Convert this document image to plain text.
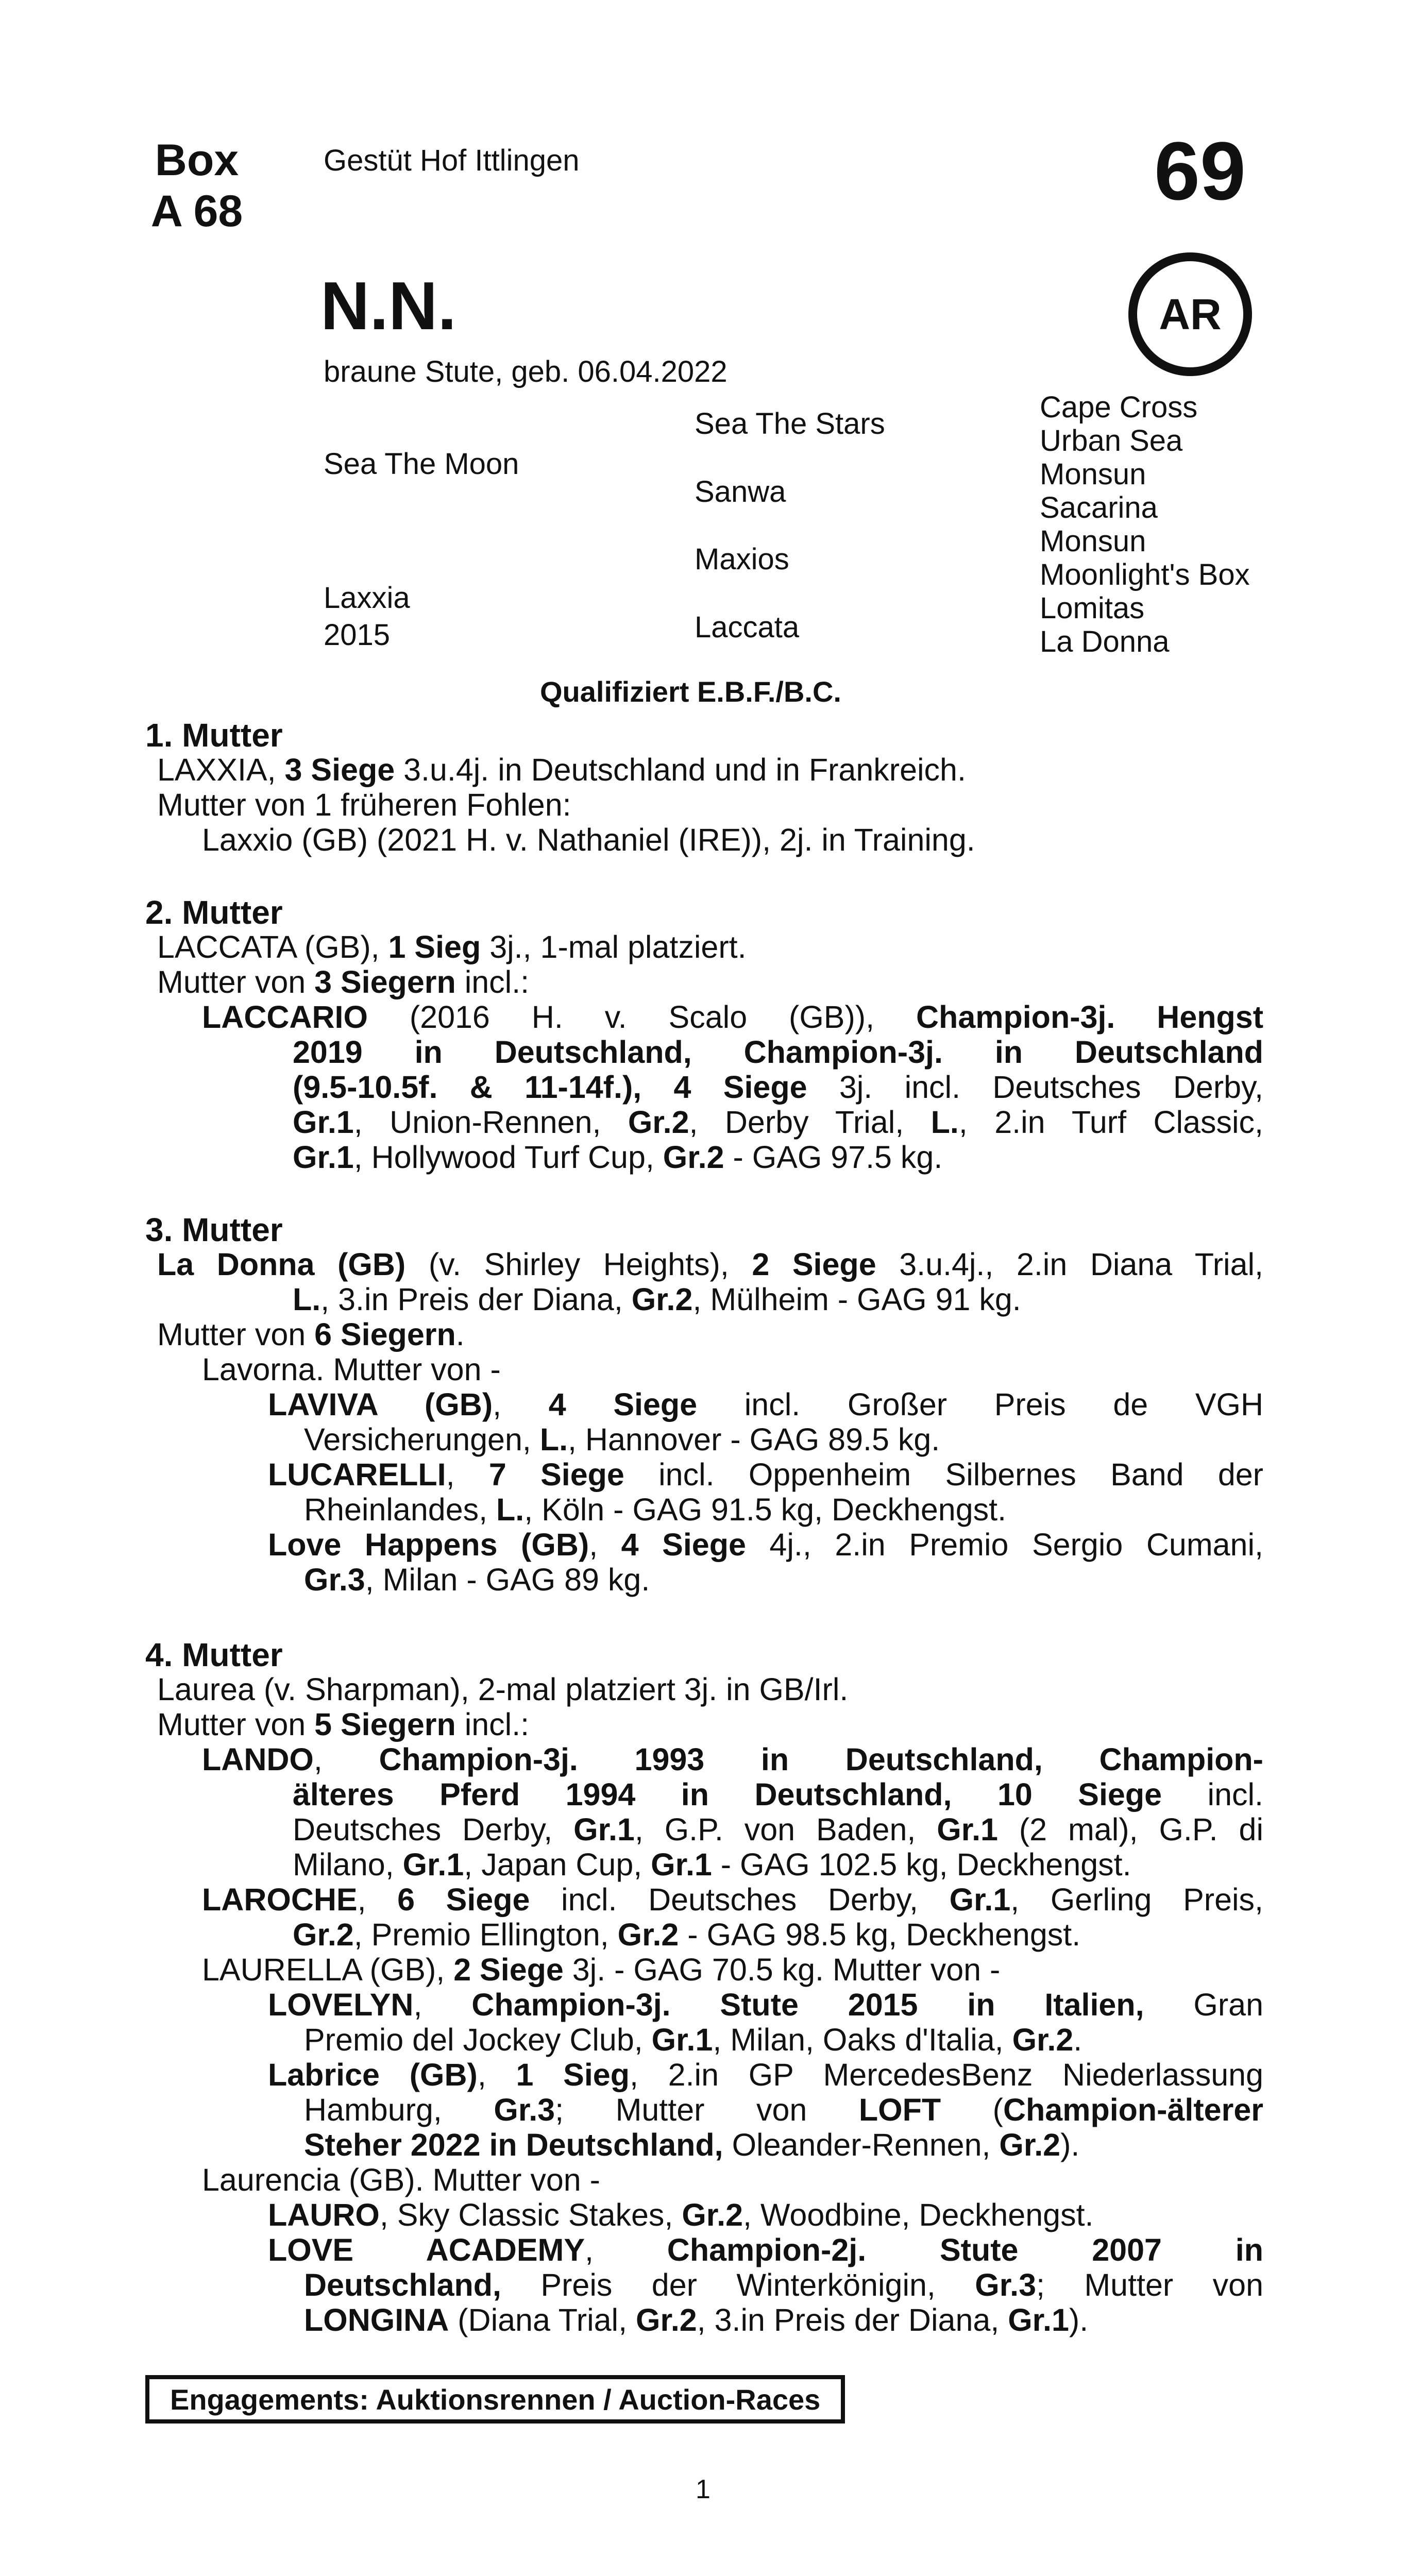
Box
A 68
Gestüt Hof Ittlingen	69
AR
N.N.
braune Stute, geb. 06.04.2022
Sea The Moon
Laxxia
2015
Sea The Stars
Sanwa
Maxios
Laccata
Cape Cross
Urban Sea
Monsun
Sacarina
Monsun
Moonlight's Box
Lomitas
La Donna
Qualifiziert E.B.F./B.C.
1. Mutter
LAXXIA, 3 Siege 3.u.4j. in Deutschland und in Frankreich.
Mutter von 1 früheren Fohlen:
Laxxio (GB) (2021 H. v. Nathaniel (IRE)), 2j. in Training.
2. Mutter
LACCATA (GB), 1 Sieg 3j., 1-mal platziert.
Mutter von 3 Siegern incl.:
LACCARIO (2016 H. v. Scalo (GB)), Champion-3j. Hengst
2019 in Deutschland, Champion-3j. in Deutschland
(9.5-10.5f. & 11-14f.), 4 Siege 3j. incl. Deutsches Derby,
Gr.1, Union-Rennen, Gr.2, Derby Trial, L., 2.in Turf Classic,
Gr.1, Hollywood Turf Cup, Gr.2 - GAG 97.5 kg.
3. Mutter
La Donna (GB) (v. Shirley Heights), 2 Siege 3.u.4j., 2.in Diana Trial,
L., 3.in Preis der Diana, Gr.2, Mülheim - GAG 91 kg.
Mutter von 6 Siegern.
Lavorna. Mutter von -
LAVIVA (GB), 4 Siege incl. Großer Preis de VGH
Versicherungen, L., Hannover - GAG 89.5 kg.
LUCARELLI, 7 Siege incl. Oppenheim Silbernes Band der
Rheinlandes, L., Köln - GAG 91.5 kg, Deckhengst.
Love Happens (GB), 4 Siege 4j., 2.in Premio Sergio Cumani,
Gr.3, Milan - GAG 89 kg.
4. Mutter
Laurea (v. Sharpman), 2-mal platziert 3j. in GB/Irl.
Mutter von 5 Siegern incl.:
LANDO, Champion-3j. 1993 in Deutschland, Champion-
älteres Pferd 1994 in Deutschland, 10 Siege incl.
Deutsches Derby, Gr.1, G.P. von Baden, Gr.1 (2 mal), G.P. di
Milano, Gr.1, Japan Cup, Gr.1 - GAG 102.5 kg, Deckhengst.
LAROCHE, 6 Siege incl. Deutsches Derby, Gr.1, Gerling Preis,
Gr.2, Premio Ellington, Gr.2 - GAG 98.5 kg, Deckhengst.
LAURELLA (GB), 2 Siege 3j. - GAG 70.5 kg. Mutter von -
LOVELYN, Champion-3j. Stute 2015 in Italien, Gran
Premio del Jockey Club, Gr.1, Milan, Oaks d'Italia, Gr.2.
Labrice (GB), 1 Sieg, 2.in GP MercedesBenz Niederlassung
Hamburg, Gr.3; Mutter von LOFT (Champion-älterer
Steher 2022 in Deutschland, Oleander-Rennen, Gr.2).
Laurencia (GB). Mutter von -
LAURO, Sky Classic Stakes, Gr.2, Woodbine, Deckhengst.
LOVE ACADEMY, Champion-2j. Stute 2007 in
Deutschland, Preis der Winterkönigin, Gr.3; Mutter von
LONGINA (Diana Trial, Gr.2, 3.in Preis der Diana, Gr.1).
Engagements: Auktionsrennen / Auction-Races
1
